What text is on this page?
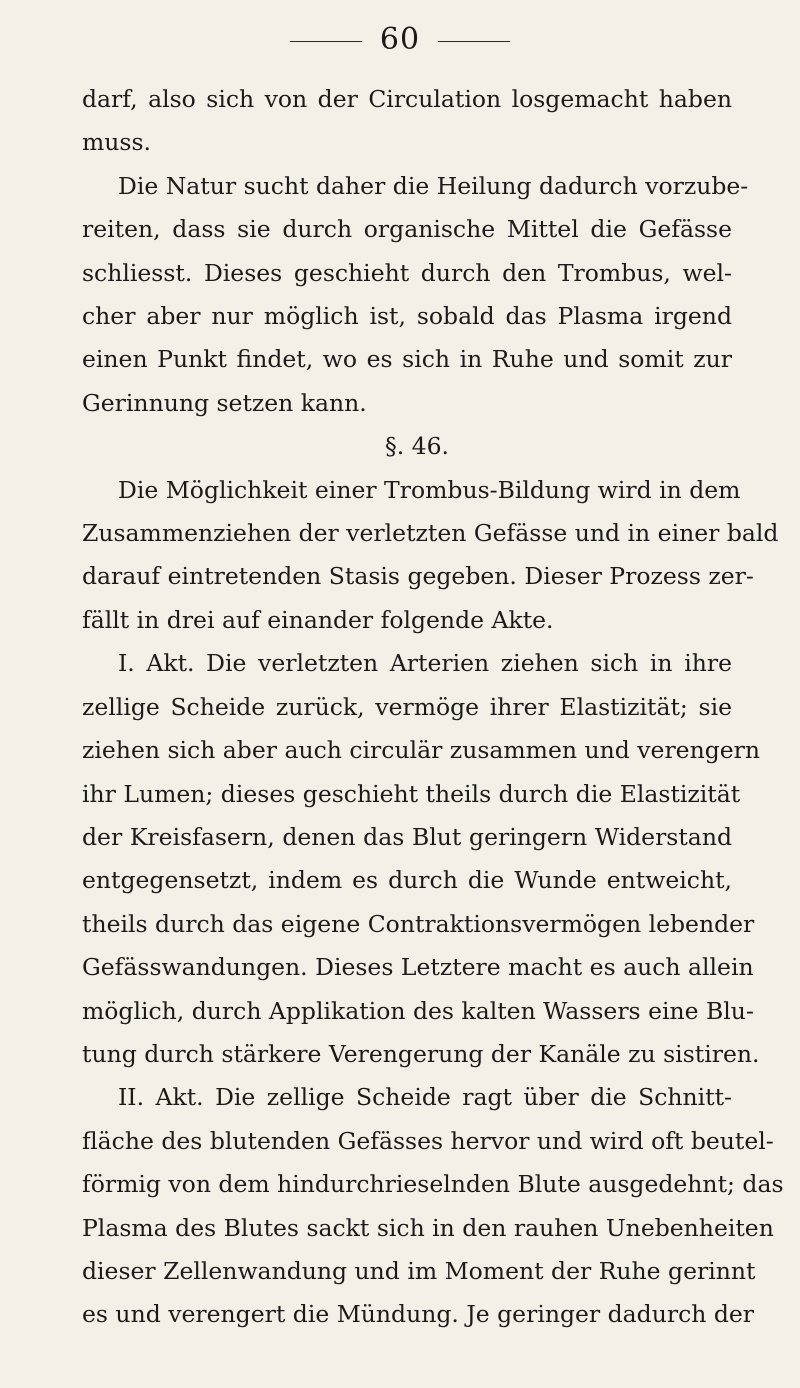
60
darf, also sich von der Circulation losgemacht haben
muss.
Die Natur sucht daher die Heilung dadurch vorzube-
reiten, dass sie durch organische Mittel die Gefässe
schliesst. Dieses geschieht durch den Trombus, wel-
cher aber nur möglich ist, sobald das Plasma irgend
einen Punkt findet, wo es sich in Ruhe und somit zur
Gerinnung setzen kann.
§. 46.
Die Möglichkeit einer Trombus-Bildung wird in dem
Zusammenziehen der verletzten Gefässe und in einer bald
darauf eintretenden Stasis gegeben. Dieser Prozess zer-
fällt in drei auf einander folgende Akte.
I. Akt. Die verletzten Arterien ziehen sich in ihre
zellige Scheide zurück, vermöge ihrer Elastizität; sie
ziehen sich aber auch circulär zusammen und verengern
ihr Lumen; dieses geschieht theils durch die Elastizität
der Kreisfasern, denen das Blut geringern Widerstand
entgegensetzt, indem es durch die Wunde entweicht,
theils durch das eigene Contraktionsvermögen lebender
Gefässwandungen. Dieses Letztere macht es auch allein
möglich, durch Applikation des kalten Wassers eine Blu-
tung durch stärkere Verengerung der Kanäle zu sistiren.
II. Akt. Die zellige Scheide ragt über die Schnitt-
fläche des blutenden Gefässes hervor und wird oft beutel-
förmig von dem hindurchrieselnden Blute ausgedehnt; das
Plasma des Blutes sackt sich in den rauhen Unebenheiten
dieser Zellenwandung und im Moment der Ruhe gerinnt
es und verengert die Mündung. Je geringer dadurch der
